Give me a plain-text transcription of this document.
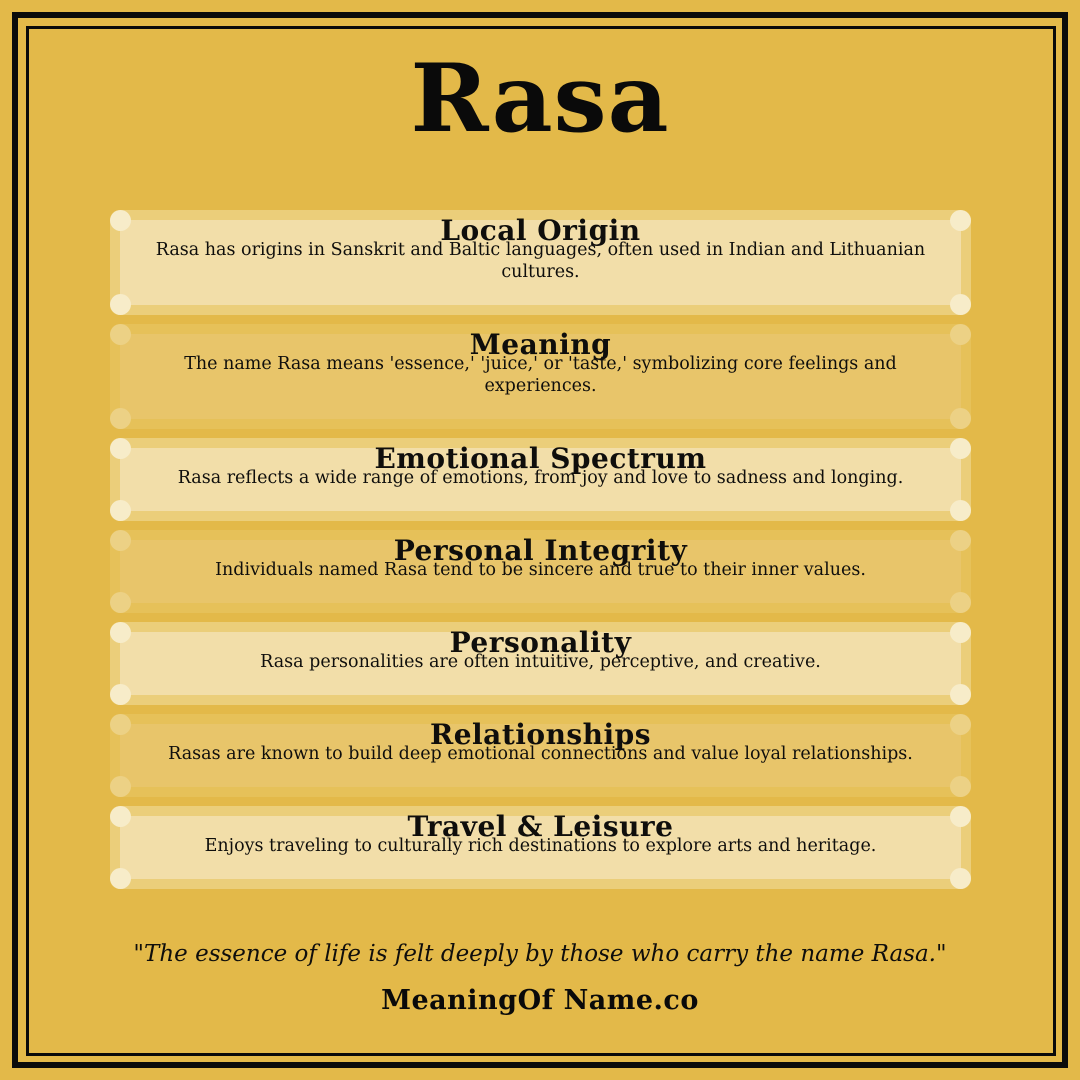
Rasa
Local Origin
Rasa has origins in Sanskrit and Baltic languages, often used in Indian and Lithuanian cultures.
Meaning
The name Rasa means 'essence,' 'juice,' or 'taste,' symbolizing core feelings and experiences.
Emotional Spectrum
Rasa reflects a wide range of emotions, from joy and love to sadness and longing.
Personal Integrity
Individuals named Rasa tend to be sincere and true to their inner values.
Personality
Rasa personalities are often intuitive, perceptive, and creative.
Relationships
Rasas are known to build deep emotional connections and value loyal relationships.
Travel & Leisure
Enjoys traveling to culturally rich destinations to explore arts and heritage.
"The essence of life is felt deeply by those who carry the name Rasa."
MeaningOf Name.co
